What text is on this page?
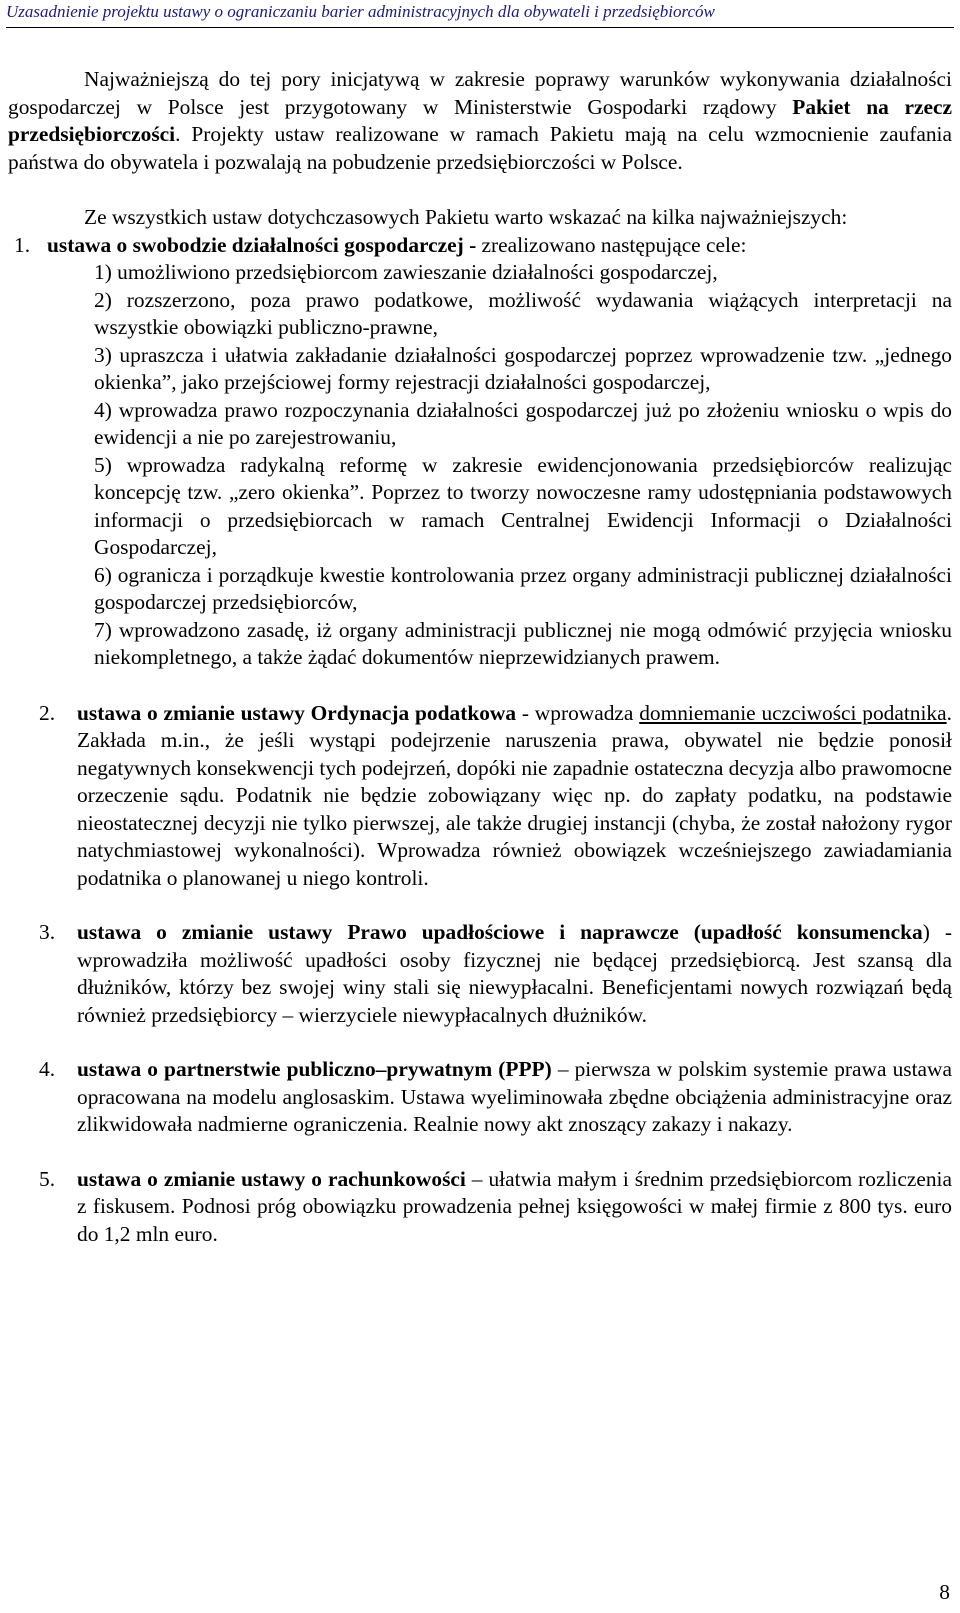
Uzasadnienie projektu ustawy o ograniczaniu barier administracyjnych dla obywateli i przedsiębiorców

Najważniejszą do tej pory inicjatywą w zakresie poprawy warunków wykonywania działalności gospodarczej w Polsce jest przygotowany w Ministerstwie Gospodarki rządowy Pakiet na rzecz przedsiębiorczości. Projekty ustaw realizowane w ramach Pakietu mają na celu wzmocnienie zaufania państwa do obywatela i pozwalają na pobudzenie przedsiębiorczości w Polsce.

Ze wszystkich ustaw dotychczasowych Pakietu warto wskazać na kilka najważniejszych:

1. ustawa o swobodzie działalności gospodarczej - zrealizowano następujące cele:

1) umożliwiono przedsiębiorcom zawieszanie działalności gospodarczej,

2) rozszerzono, poza prawo podatkowe, możliwość wydawania wiążących interpretacji na wszystkie obowiązki publiczno-prawne,

3) upraszcza i ułatwia zakładanie działalności gospodarczej poprzez wprowadzenie tzw. „jednego okienka”, jako przejściowej formy rejestracji działalności gospodarczej,

4) wprowadza prawo rozpoczynania działalności gospodarczej już po złożeniu wniosku o wpis do ewidencji a nie po zarejestrowaniu,

5) wprowadza radykalną reformę w zakresie ewidencjonowania przedsiębiorców realizując koncepcję tzw. „zero okienka”. Poprzez to tworzy nowoczesne ramy udostępniania podstawowych informacji o przedsiębiorcach w ramach Centralnej Ewidencji Informacji o Działalności Gospodarczej,

6) ogranicza i porządkuje kwestie kontrolowania przez organy administracji publicznej działalności gospodarczej przedsiębiorców,

7) wprowadzono zasadę, iż organy administracji publicznej nie mogą odmówić przyjęcia wniosku niekompletnego, a także żądać dokumentów nieprzewidzianych prawem.

2. ustawa o zmianie ustawy Ordynacja podatkowa - wprowadza domniemanie uczciwości podatnika. Zakłada m.in., że jeśli wystąpi podejrzenie naruszenia prawa, obywatel nie będzie ponosił negatywnych konsekwencji tych podejrzeń, dopóki nie zapadnie ostateczna decyzja albo prawomocne orzeczenie sądu. Podatnik nie będzie zobowiązany więc np. do zapłaty podatku, na podstawie nieostatecznej decyzji nie tylko pierwszej, ale także drugiej instancji (chyba, że został nałożony rygor natychmiastowej wykonalności). Wprowadza również obowiązek wcześniejszego zawiadamiania podatnika o planowanej u niego kontroli.
3. ustawa o zmianie ustawy Prawo upadłościowe i naprawcze (upadłość konsumencka) - wprowadziła możliwość upadłości osoby fizycznej nie będącej przedsiębiorcą. Jest szansą dla dłużników, którzy bez swojej winy stali się niewypłacalni. Beneficjentami nowych rozwiązań będą również przedsiębiorcy – wierzyciele niewypłacalnych dłużników.
4. ustawa o partnerstwie publiczno–prywatnym (PPP) – pierwsza w polskim systemie prawa ustawa opracowana na modelu anglosaskim. Ustawa wyeliminowała zbędne obciążenia administracyjne oraz zlikwidowała nadmierne ograniczenia. Realnie nowy akt znoszący zakazy i nakazy.
5. ustawa o zmianie ustawy o rachunkowości – ułatwia małym i średnim przedsiębiorcom rozliczenia z fiskusem. Podnosi próg obowiązku prowadzenia pełnej księgowości w małej firmie z 800 tys. euro do 1,2 mln euro.
8
